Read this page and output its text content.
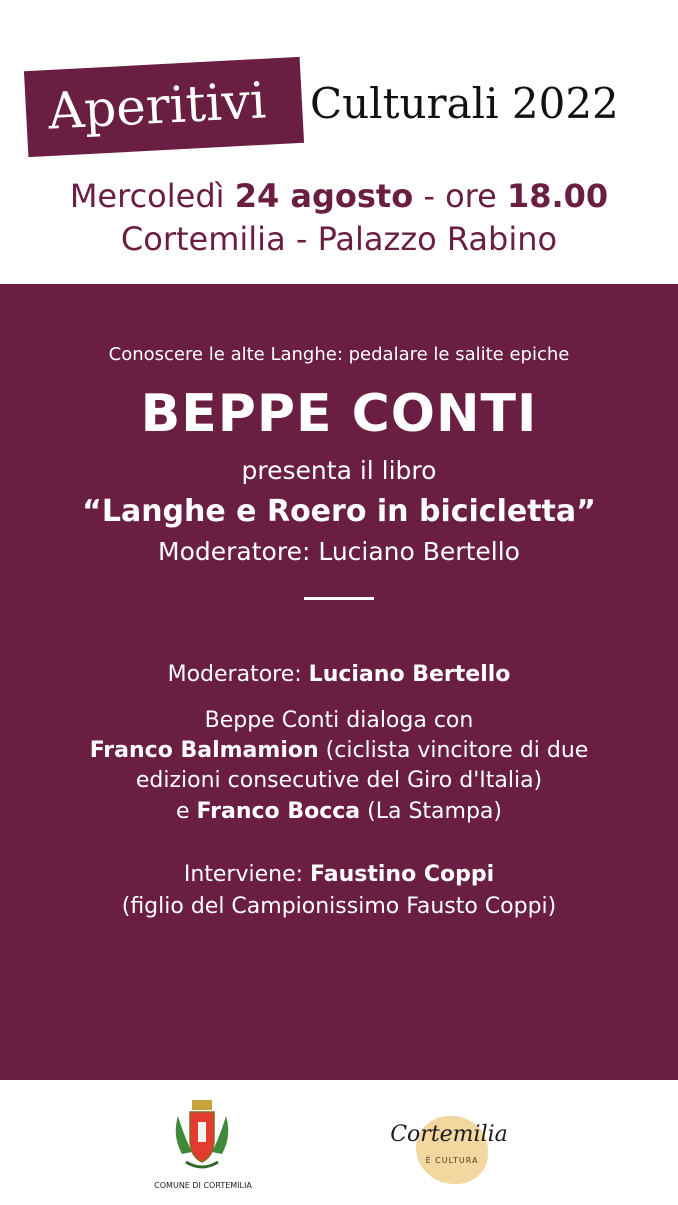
Aperitivi Culturali 2022
Mercoledì 24 agosto - ore 18.00
Cortemilia - Palazzo Rabino
Conoscere le alte Langhe: pedalare le salite epiche
BEPPE CONTI
presenta il libro
“Langhe e Roero in bicicletta”
Moderatore: Luciano Bertello
Moderatore: Luciano Bertello
Beppe Conti dialoga con
Franco Balmamion (ciclista vincitore di due
edizioni consecutive del Giro d'Italia)
e Franco Bocca (La Stampa)
Interviene: Faustino Coppi
(figlio del Campionissimo Fausto Coppi)
COMUNE DI CORTEMILIA
Cortemilia
È CULTURA
